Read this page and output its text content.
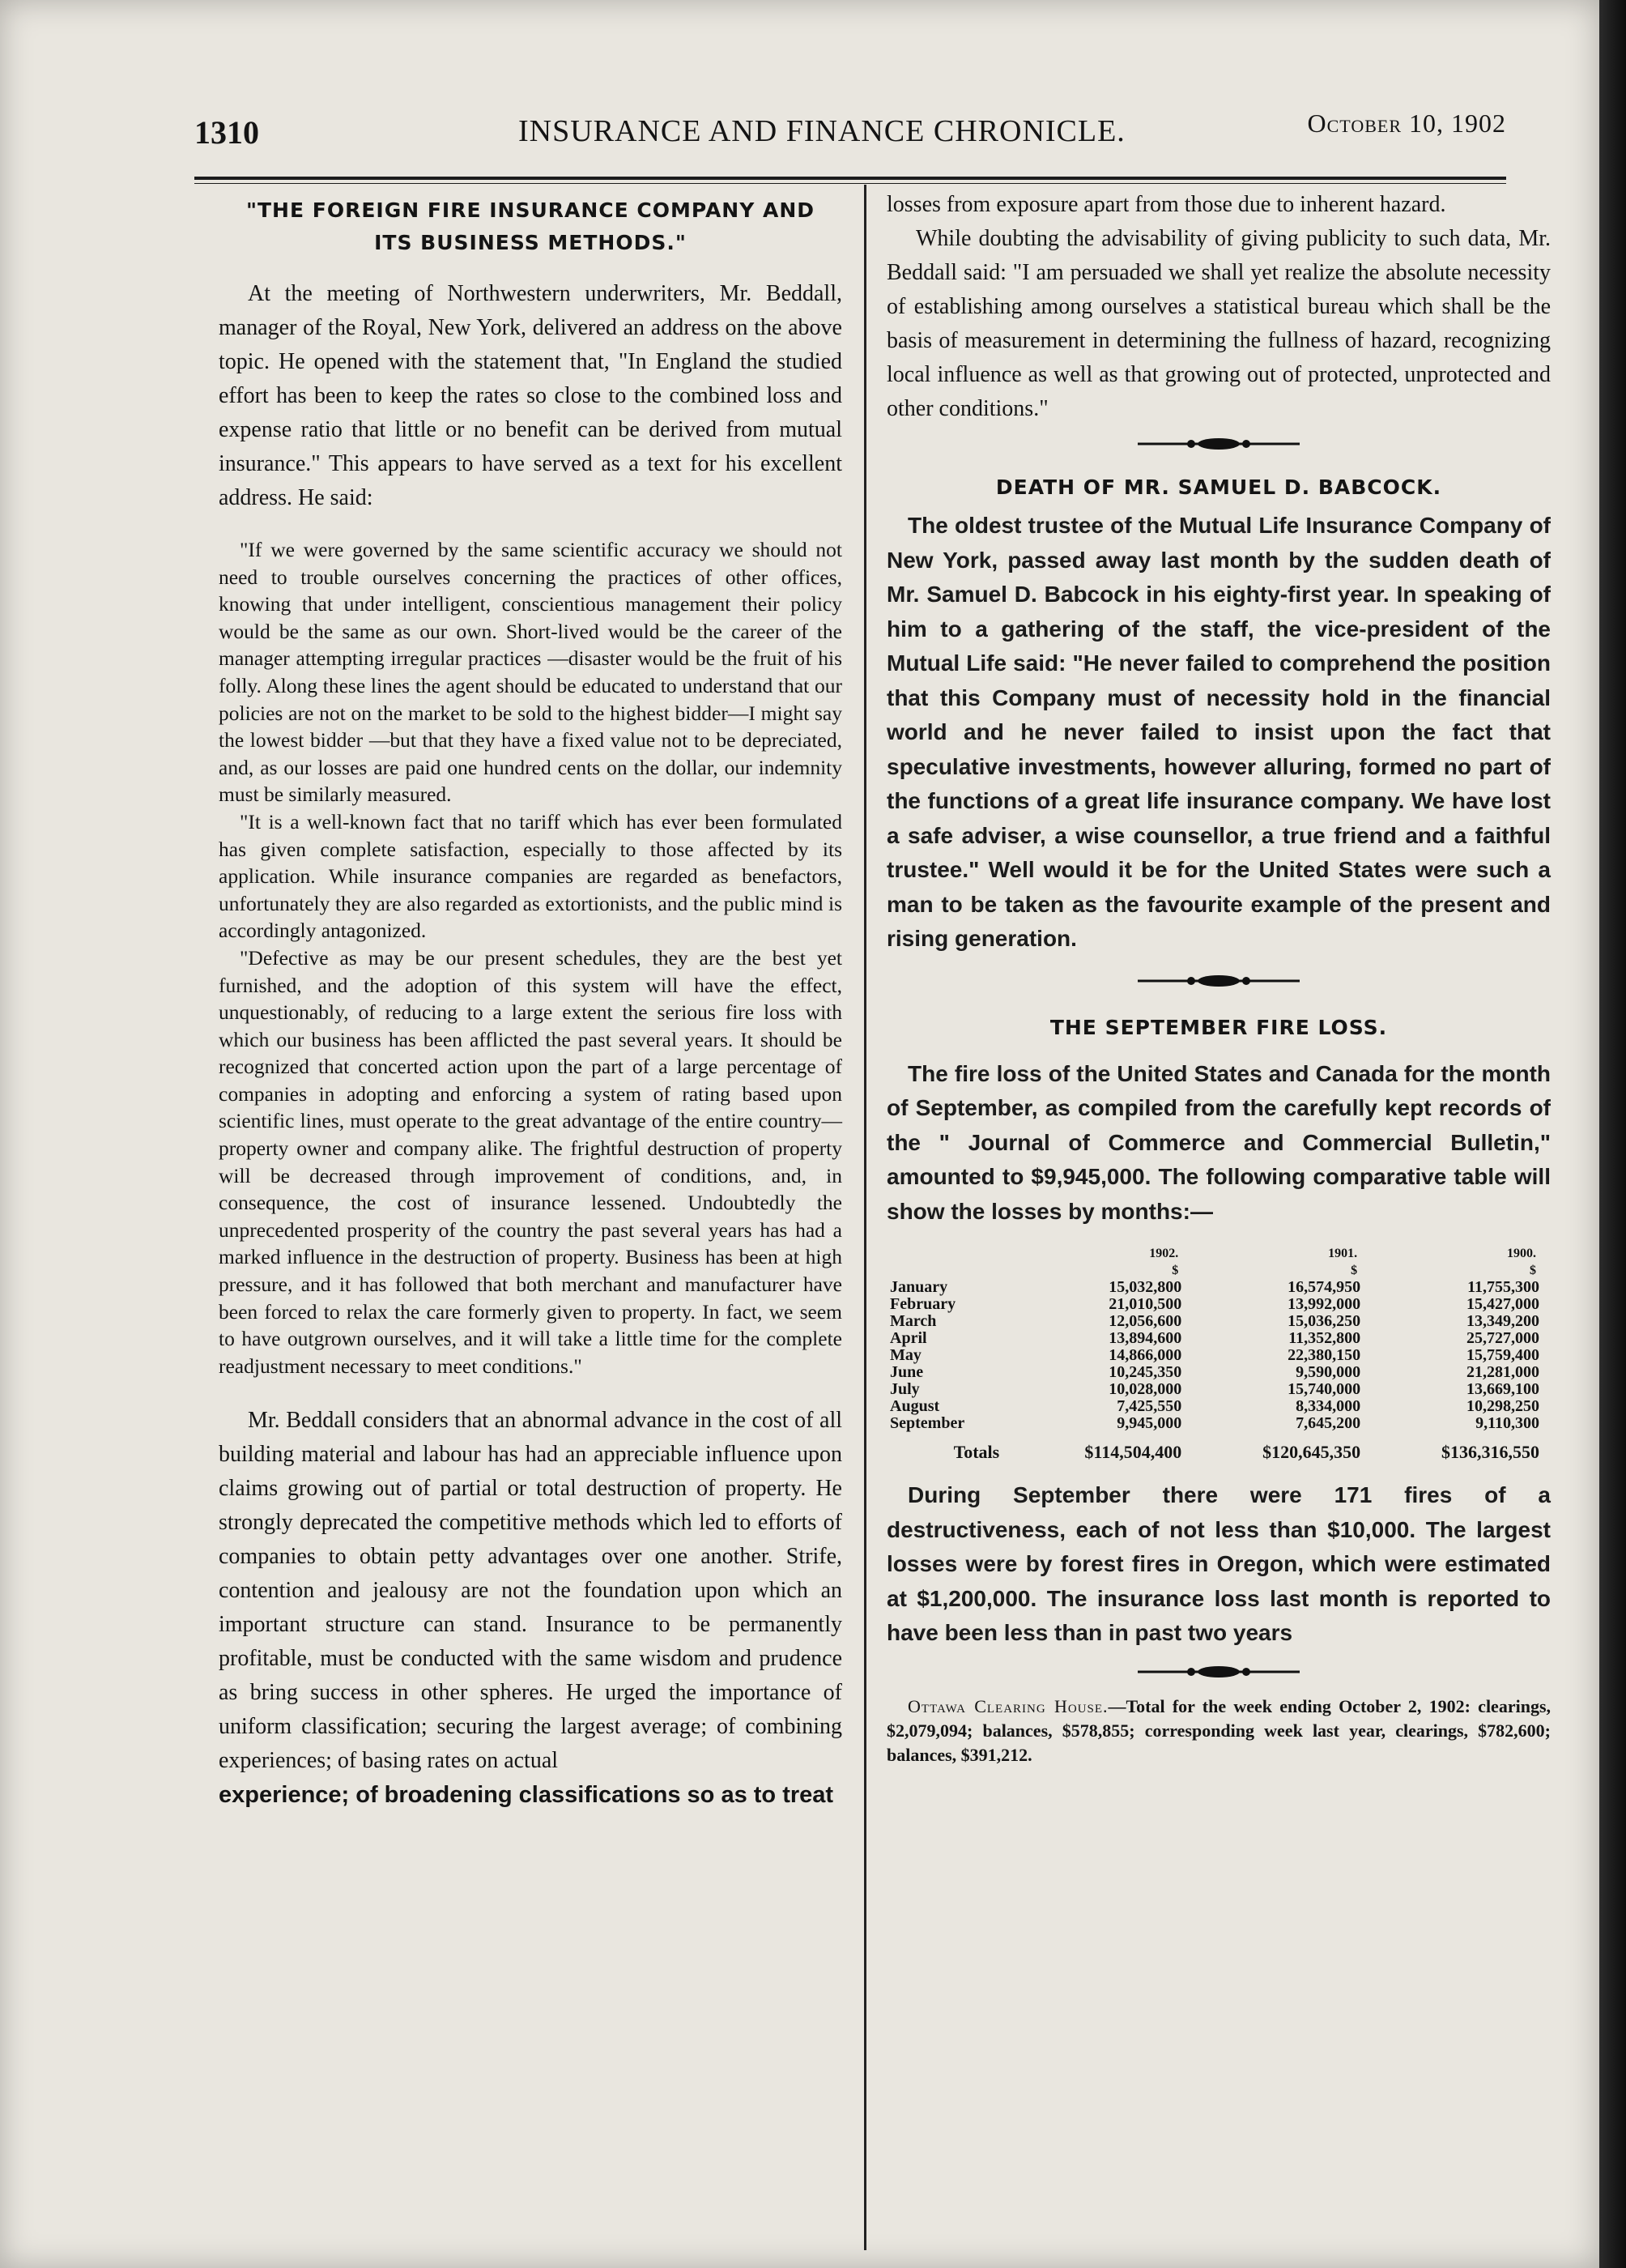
1310	INSURANCE AND FINANCE CHRONICLE.	October 10, 1902
"THE FOREIGN FIRE INSURANCE COMPANY AND
ITS BUSINESS METHODS."

At the meeting of Northwestern underwriters, Mr. Beddall, manager of the Royal, New York, delivered an address on the above topic. He opened with the statement that, "In England the studied effort has been to keep the rates so close to the combined loss and expense ratio that little or no benefit can be derived from mutual insurance." This appears to have served as a text for his excellent address. He said:

"If we were governed by the same scientific accuracy we should not need to trouble ourselves concerning the practices of other offices, knowing that under intelligent, conscientious management their policy would be the same as our own. Short-lived would be the career of the manager attempting irregular practices —disaster would be the fruit of his folly. Along these lines the agent should be educated to understand that our policies are not on the market to be sold to the highest bidder—I might say the lowest bidder —but that they have a fixed value not to be depreciated, and, as our losses are paid one hundred cents on the dollar, our indemnity must be similarly measured.

"It is a well-known fact that no tariff which has ever been formulated has given complete satisfaction, especially to those affected by its application. While insurance companies are regarded as benefactors, unfortunately they are also regarded as extortionists, and the public mind is accordingly antagonized.

"Defective as may be our present schedules, they are the best yet furnished, and the adoption of this system will have the effect, unquestionably, of reducing to a large extent the serious fire loss with which our business has been afflicted the past several years. It should be recognized that concerted action upon the part of a large percentage of companies in adopting and enforcing a system of rating based upon scientific lines, must operate to the great advantage of the entire country—property owner and company alike. The frightful destruction of property will be decreased through improvement of conditions, and, in consequence, the cost of insurance lessened. Undoubtedly the unprecedented prosperity of the country the past several years has had a marked influence in the destruction of property. Business has been at high pressure, and it has followed that both merchant and manufacturer have been forced to relax the care formerly given to property. In fact, we seem to have outgrown ourselves, and it will take a little time for the complete readjustment necessary to meet conditions."

Mr. Beddall considers that an abnormal advance in the cost of all building material and labour has had an appreciable influence upon claims growing out of partial or total destruction of property. He strongly deprecated the competitive methods which led to efforts of companies to obtain petty advantages over one another. Strife, contention and jealousy are not the foundation upon which an important structure can stand. Insurance to be permanently profitable, must be conducted with the same wisdom and prudence as bring success in other spheres. He urged the importance of uniform classification; securing the largest average; of combining experiences; of basing rates on actual

experience; of broadening classifications so as to treat

losses from exposure apart from those due to inherent hazard.

While doubting the advisability of giving publicity to such data, Mr. Beddall said: "I am persuaded we shall yet realize the absolute necessity of establishing among ourselves a statistical bureau which shall be the basis of measurement in determining the fullness of hazard, recognizing local influence as well as that growing out of protected, unprotected and other conditions."

DEATH OF MR. SAMUEL D. BABCOCK.

The oldest trustee of the Mutual Life Insurance Company of New York, passed away last month by the sudden death of Mr. Samuel D. Babcock in his eighty-first year. In speaking of him to a gathering of the staff, the vice-president of the Mutual Life said: "He never failed to comprehend the position that this Company must of necessity hold in the financial world and he never failed to insist upon the fact that speculative investments, however alluring, formed no part of the functions of a great life insurance company. We have lost a safe adviser, a wise counsellor, a true friend and a faithful trustee." Well would it be for the United States were such a man to be taken as the favourite example of the present and rising generation.

THE SEPTEMBER FIRE LOSS.

The fire loss of the United States and Canada for the month of September, as compiled from the carefully kept records of the " Journal of Commerce and Commercial Bulletin," amounted to $9,945,000. The following comparative table will show the losses by months:—

	1902.	1901.	1900.
	$	$	$
January	15,032,800	16,574,950	11,755,300
February	21,010,500	13,992,000	15,427,000
March	12,056,600	15,036,250	13,349,200
April	13,894,600	11,352,800	25,727,000
May	14,866,000	22,380,150	15,759,400
June	10,245,350	9,590,000	21,281,000
July	10,028,000	15,740,000	13,669,100
August	7,425,550	8,334,000	10,298,250
September	9,945,000	7,645,200	9,110,300
Totals	$114,504,400	$120,645,350	$136,316,550

During September there were 171 fires of a destructiveness, each of not less than $10,000. The largest losses were by forest fires in Oregon, which were estimated at $1,200,000. The insurance loss last month is reported to have been less than in past two years

Ottawa Clearing House.—Total for the week ending October 2, 1902: clearings, $2,079,094; balances, $578,855; corresponding week last year, clearings, $782,600; balances, $391,212.
